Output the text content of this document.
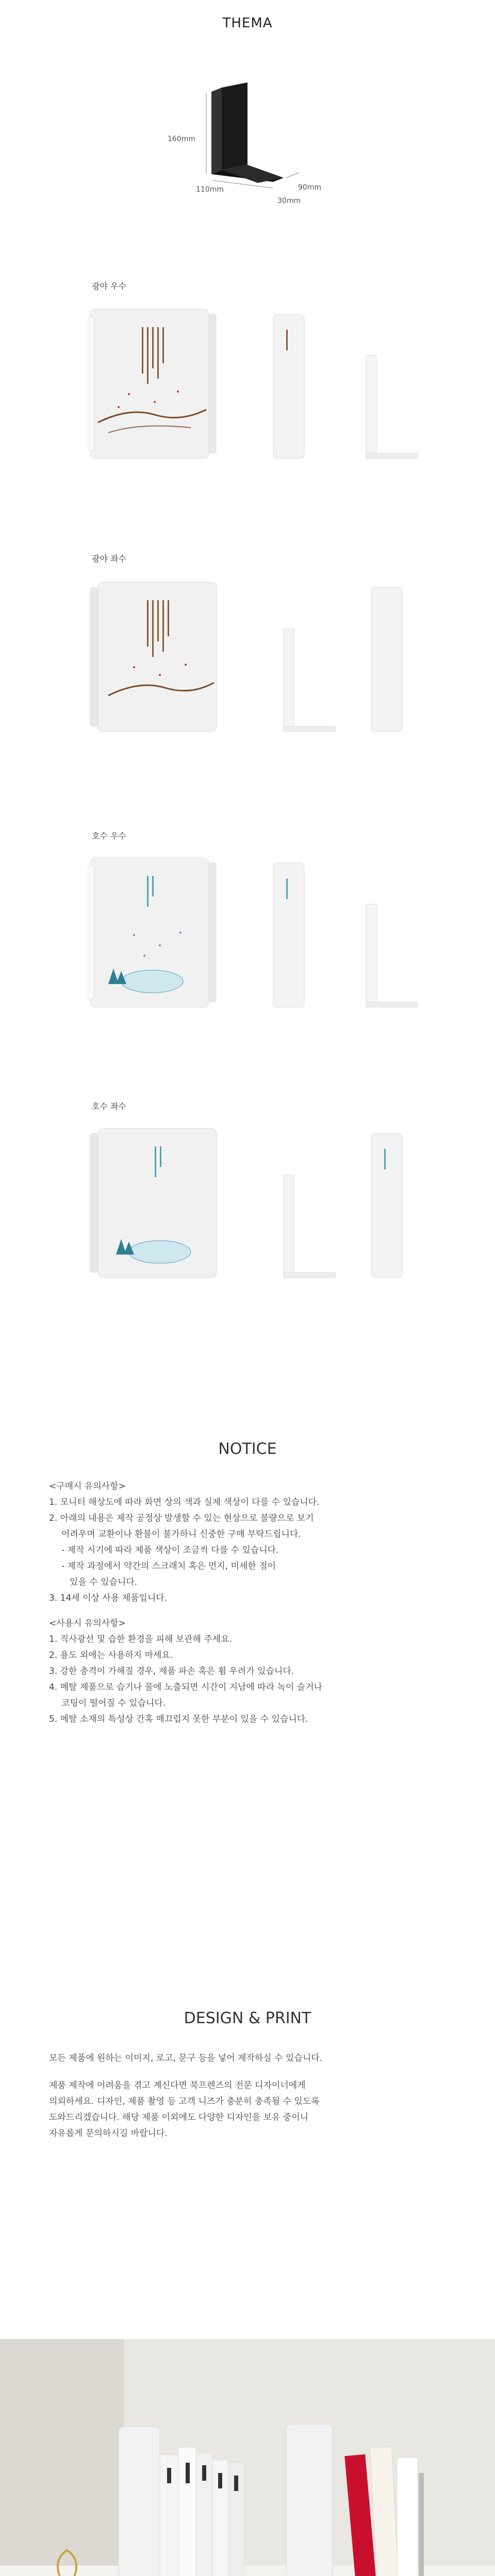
THEMA
160mm
110mm	90mm
30mm
광야 우수
광야 좌수
호수 우수
호수 좌수
NOTICE

<구매시 유의사항>

1. 모니터 해상도에 따라 화면 상의 색과 실제 색상이 다를 수 있습니다.

2. 아래의 내용은 제작 공정상 발생할 수 있는 현상으로 불량으로 보기

어려우며 교환이나 환불이 불가하니 신중한 구매 부탁드립니다.

- 제작 시기에 따라 제품 색상이 조금씩 다를 수 있습니다.

- 제작 과정에서 약간의 스크래치 혹은 먼지, 미세한 점이

있을 수 있습니다.

3. 14세 이상 사용 제품입니다.

<사용시 유의사항>

1. 직사광선 및 습한 환경을 피해 보관해 주세요.

2. 용도 외에는 사용하지 마세요.

3. 강한 충격이 가해질 경우, 제품 파손 혹은 휨 우려가 있습니다.

4. 메탈 제품으로 습기나 물에 노출되면 시간이 지남에 따라 녹이 슬거나

코팅이 떨어질 수 있습니다.

5. 메탈 소재의 특성상 간혹 매끄럽지 못한 부분이 있을 수 있습니다.

DESIGN & PRINT

모든 제품에 원하는 이미지, 로고, 문구 등을 넣어 제작하실 수 있습니다.

제품 제작에 어려움을 겪고 계신다면 북프렌즈의 전문 디자이너에게

의뢰하세요. 디자인, 제품 촬영 등 고객 니즈가 충분히 충족될 수 있도록

도와드리겠습니다. 해당 제품 이외에도 다양한 디자인을 보유 중이니

자유롭게 문의하시길 바랍니다.
